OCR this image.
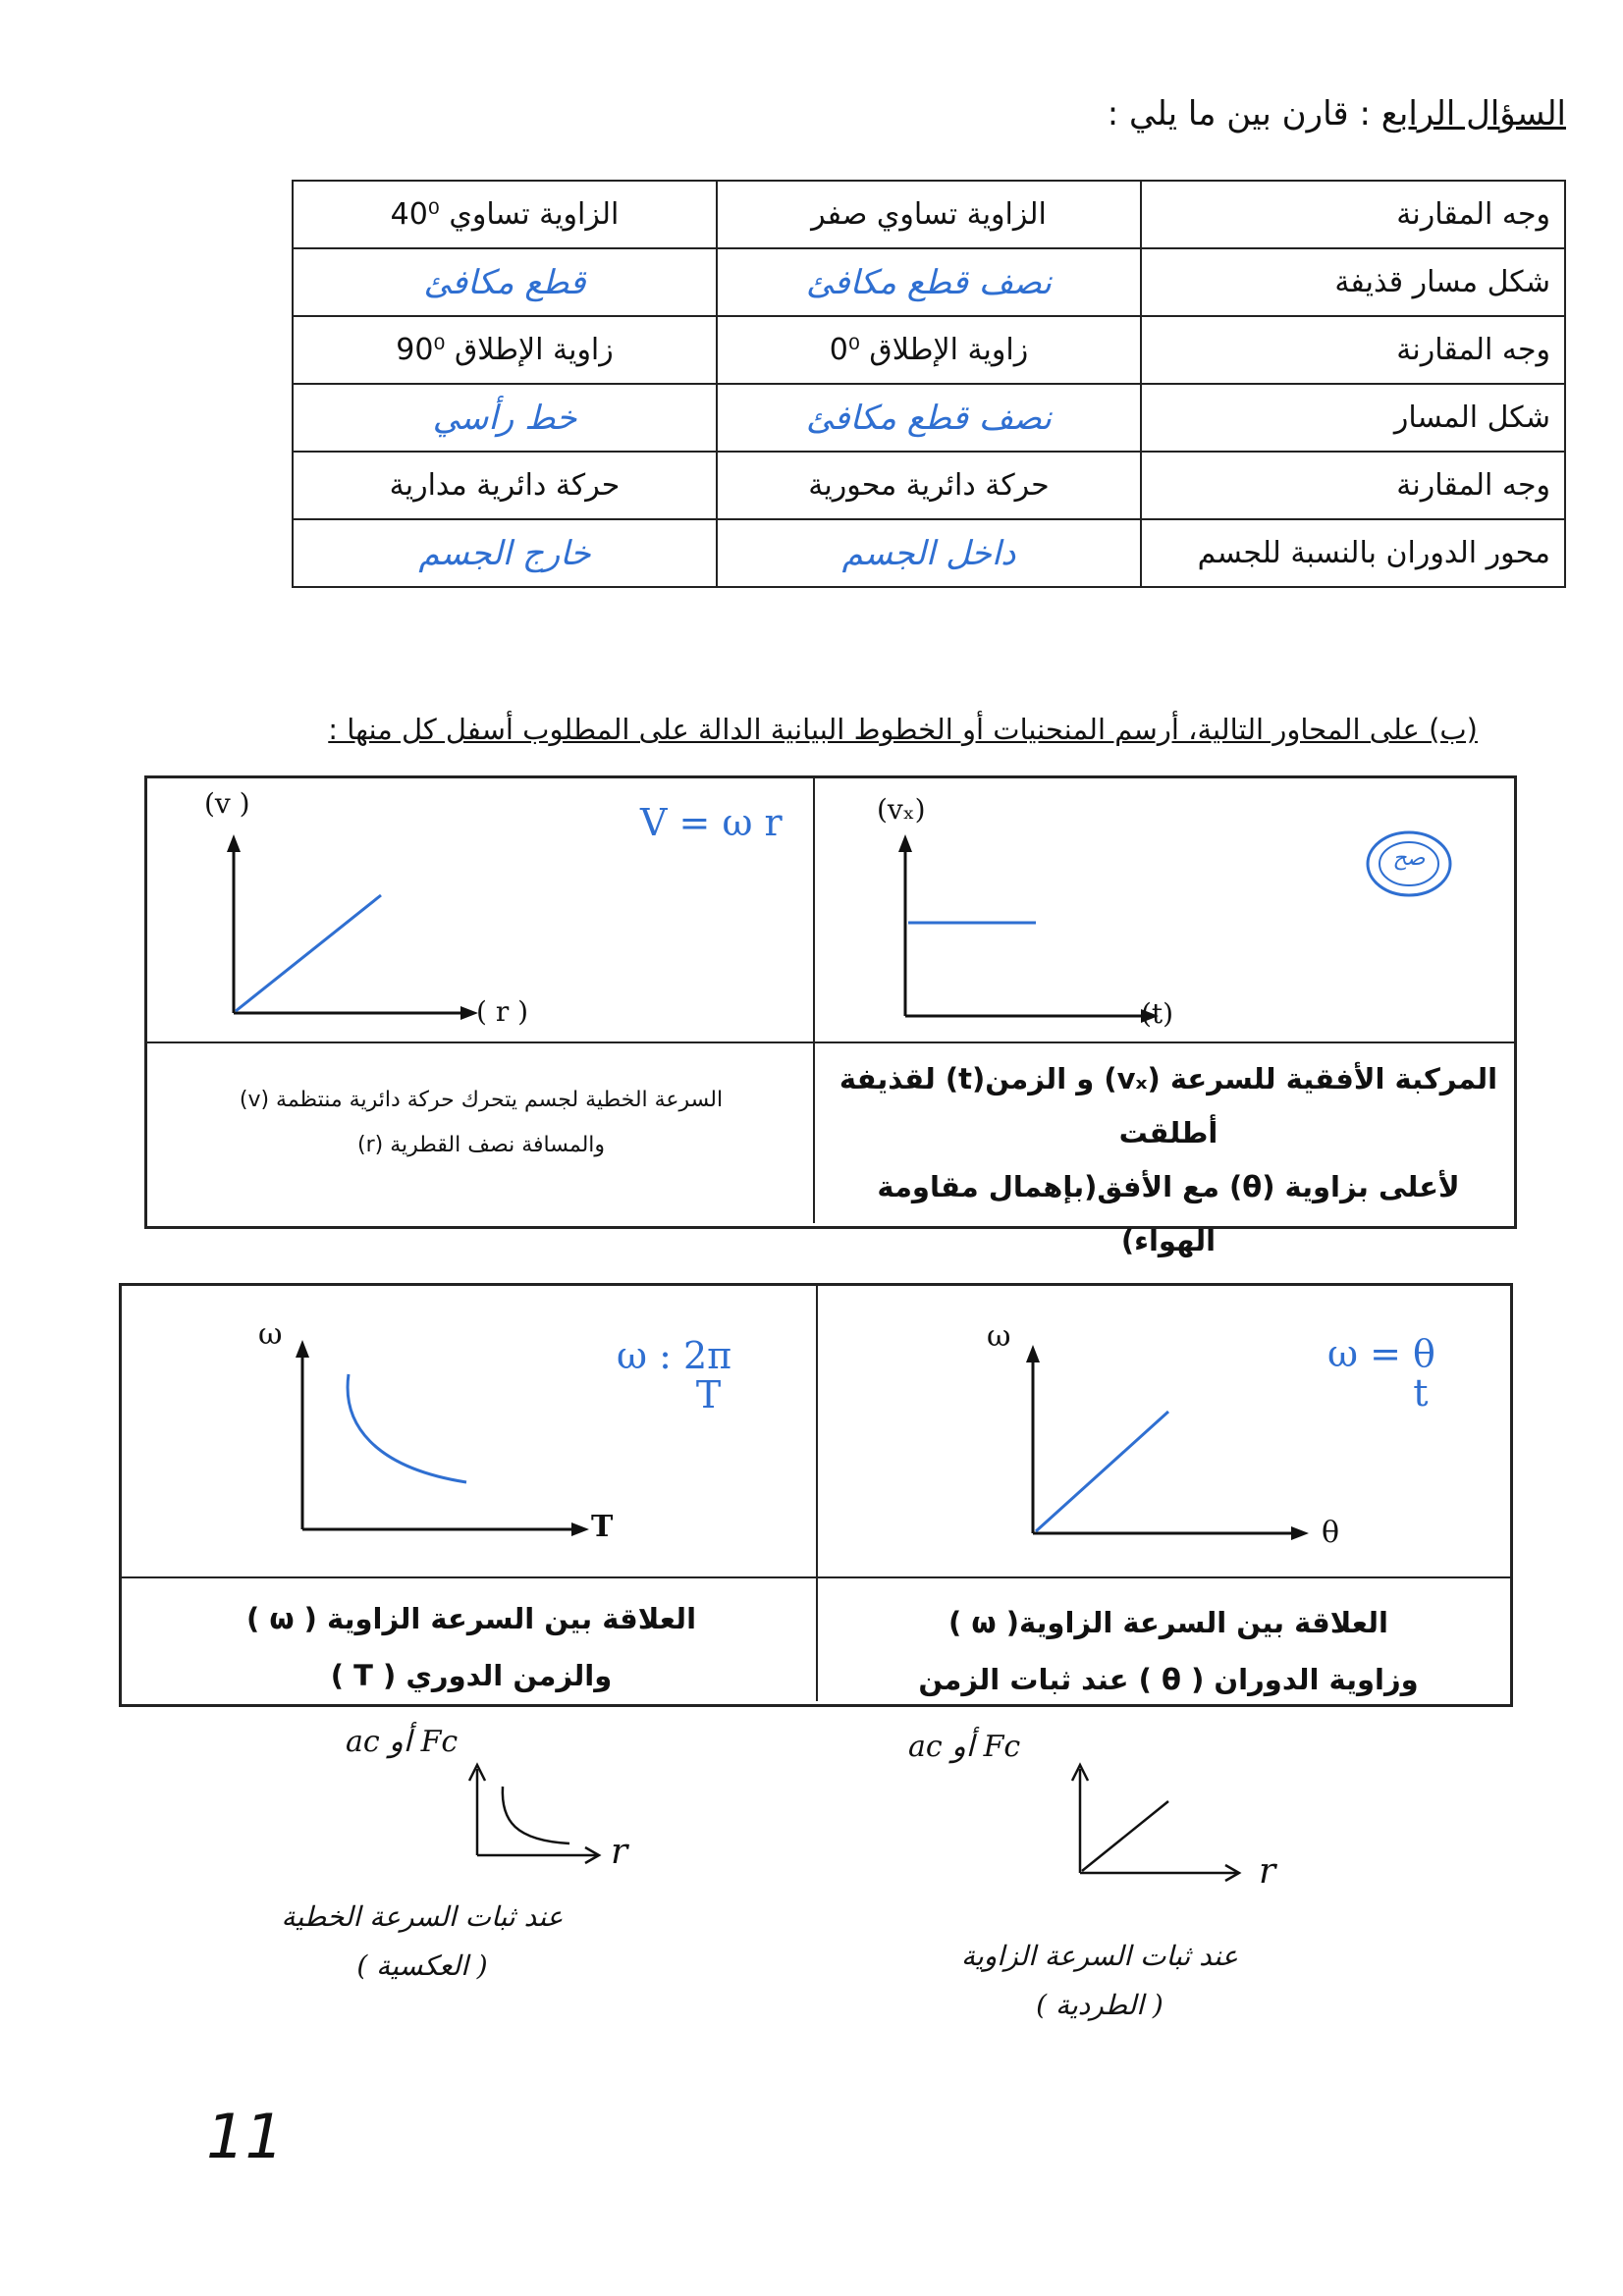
السؤال الرابع : قارن بين ما يلي :
وجه المقارنة	الزاوية تساوي صفر	الزاوية تساوي 40⁰
شكل مسار قذيفة	نصف قطع مكافئ	قطع مكافئ
وجه المقارنة	زاوية الإطلاق 0⁰	زاوية الإطلاق 90⁰
شكل المسار	نصف قطع مكافئ	خط رأسي
وجه المقارنة	حركة دائرية محورية	حركة دائرية مدارية
محور الدوران بالنسبة للجسم	داخل الجسم	خارج الجسم
(ب) على المحاور التالية، أرسم المنحنيات أو الخطوط البيانية الدالة على المطلوب أسفل كل منها :
(vₓ)
(t)
صح
(v )
( r )
V = ω r
المركبة الأفقية للسرعة (vₓ) و الزمن(t) لقذيفة أطلقت
لأعلى بزاوية (θ) مع الأفق(بإهمال مقاومة الهواء)
السرعة الخطية لجسم يتحرك حركة دائرية منتظمة (v)
والمسافة نصف القطرية (r)
ω
θ
ω = θ
t
ω
T
ω : 2π
T
العلاقة بين السرعة الزاوية( ω )
وزاوية الدوران ( θ ) عند ثبات الزمن
العلاقة بين السرعة الزاوية ( ω )
والزمن الدوري ( T )
ac أو Fc
r
عند ثبات السرعة الخطية
( العكسية )
ac أو Fc
r
عند ثبات السرعة الزاوية
( الطردية )
11
